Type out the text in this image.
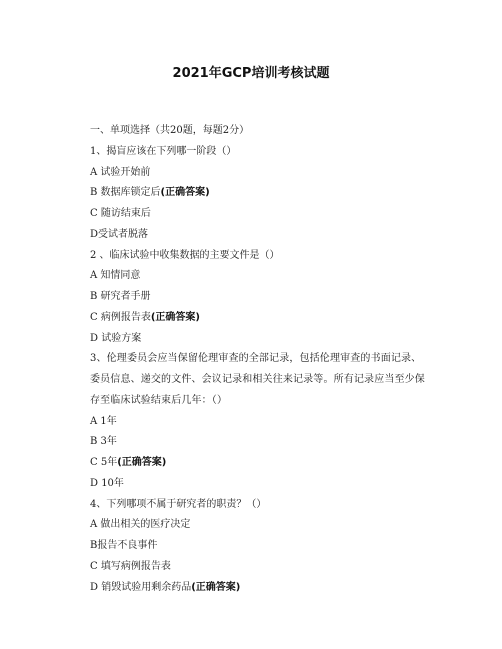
2021年GCP培训考核试题
一、单项选择（共20题，每题2分）
1、揭盲应该在下列哪一阶段（）
A 试验开始前
B 数据库锁定后(正确答案)
C 随访结束后
D受试者脱落
2 、临床试验中收集数据的主要文件是（）
A 知情同意
B 研究者手册
C 病例报告表(正确答案)
D 试验方案
3、伦理委员会应当保留伦理审查的全部记录，包括伦理审查的书面记录、委员信息、递交的文件、会议记录和相关往来记录等。所有记录应当至少保存至临床试验结束后几年：（）
A 1年
B 3年
C 5年(正确答案)
D 10年
4、下列哪项不属于研究者的职责？（）
A 做出相关的医疗决定
B报告不良事件
C 填写病例报告表
D 销毁试验用剩余药品(正确答案)
